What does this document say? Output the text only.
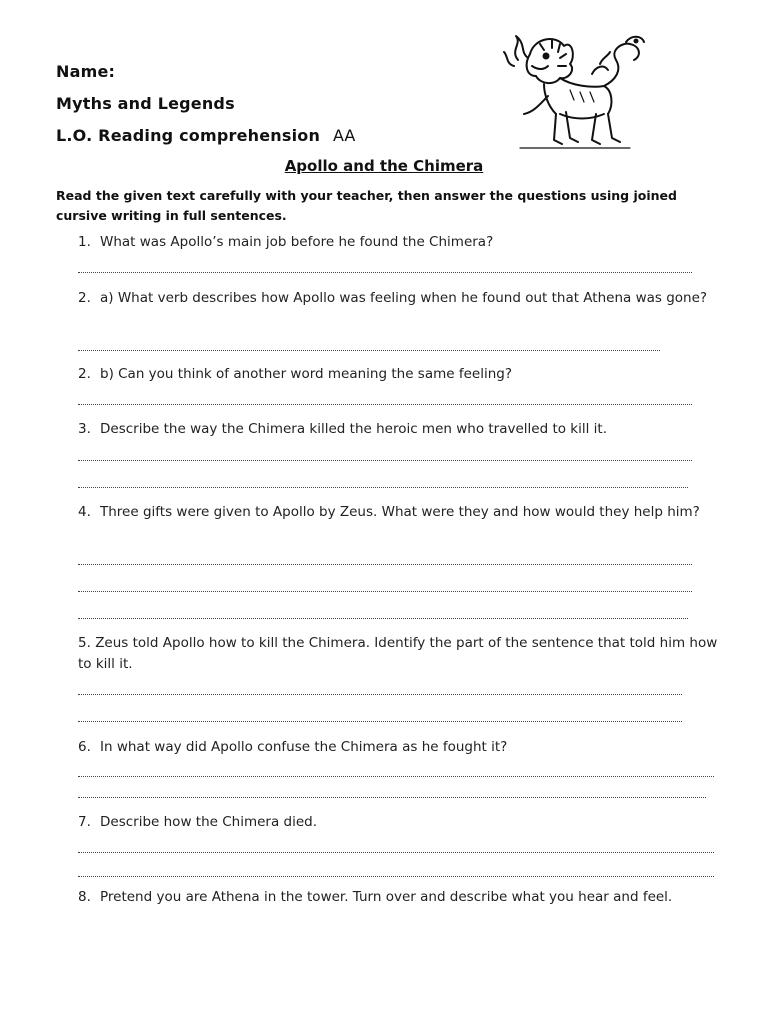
Name:
Myths and Legends
L.O. Reading comprehension AA
Apollo and the Chimera
Read the given text carefully with your teacher, then answer the questions using joined cursive writing in full sentences.
1. What was Apollo’s main job before he found the Chimera?
2. a) What verb describes how Apollo was feeling when he found out that Athena was gone?
2. b) Can you think of another word meaning the same feeling?
3. Describe the way the Chimera killed the heroic men who travelled to kill it.
4. Three gifts were given to Apollo by Zeus. What were they and how would they help him?
5. Zeus told Apollo how to kill the Chimera. Identify the part of the sentence that told him how to kill it.
6. In what way did Apollo confuse the Chimera as he fought it?
7. Describe how the Chimera died.
8. Pretend you are Athena in the tower. Turn over and describe what you hear and feel.
